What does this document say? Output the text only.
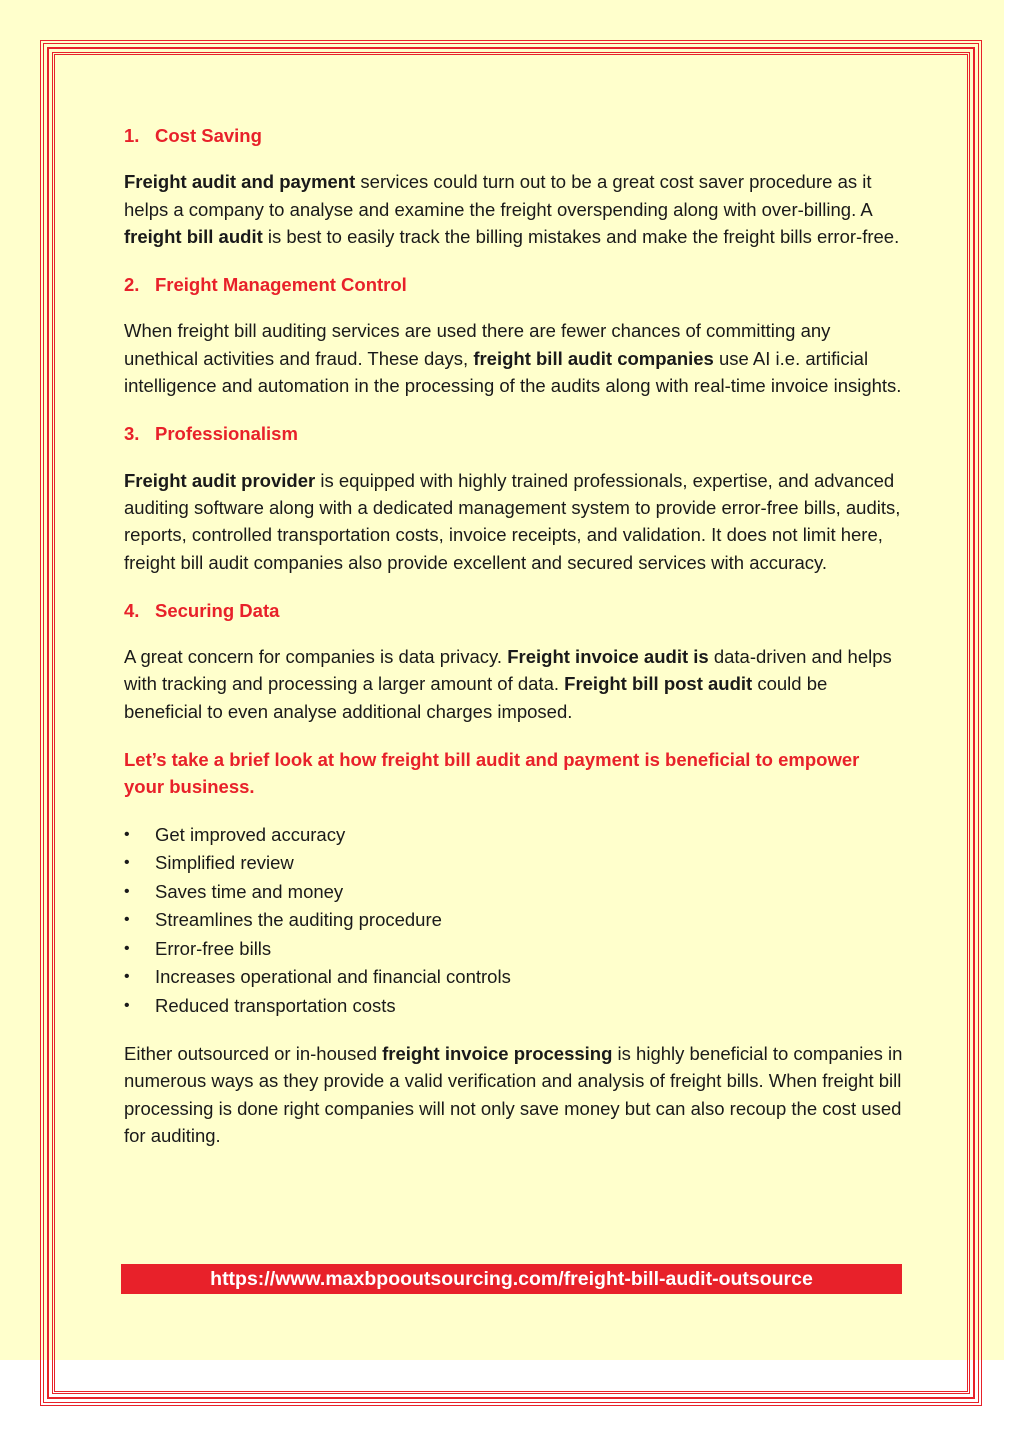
1. Cost Saving

Freight audit and payment services could turn out to be a great cost saver procedure as it helps a company to analyse and examine the freight overspending along with over-billing. A freight bill audit is best to easily track the billing mistakes and make the freight bills error-free.

2. Freight Management Control

When freight bill auditing services are used there are fewer chances of committing any unethical activities and fraud. These days, freight bill audit companies use AI i.e. artificial intelligence and automation in the processing of the audits along with real-time invoice insights.

3. Professionalism

Freight audit provider is equipped with highly trained professionals, expertise, and advanced auditing software along with a dedicated management system to provide error-free bills, audits, reports, controlled transportation costs, invoice receipts, and validation. It does not limit here, freight bill audit companies also provide excellent and secured services with accuracy.

4. Securing Data

A great concern for companies is data privacy. Freight invoice audit is data-driven and helps with tracking and processing a larger amount of data. Freight bill post audit could be beneficial to even analyse additional charges imposed.

Let’s take a brief look at how freight bill audit and payment is beneficial to empower your business.

•	Get improved accuracy
•	Simplified review
•	Saves time and money
•	Streamlines the auditing procedure
•	Error-free bills
•	Increases operational and financial controls
•	Reduced transportation costs

Either outsourced or in-housed freight invoice processing is highly beneficial to companies in numerous ways as they provide a valid verification and analysis of freight bills. When freight bill processing is done right companies will not only save money but can also recoup the cost used for auditing.

https://www.maxbpooutsourcing.com/freight-bill-audit-outsource
